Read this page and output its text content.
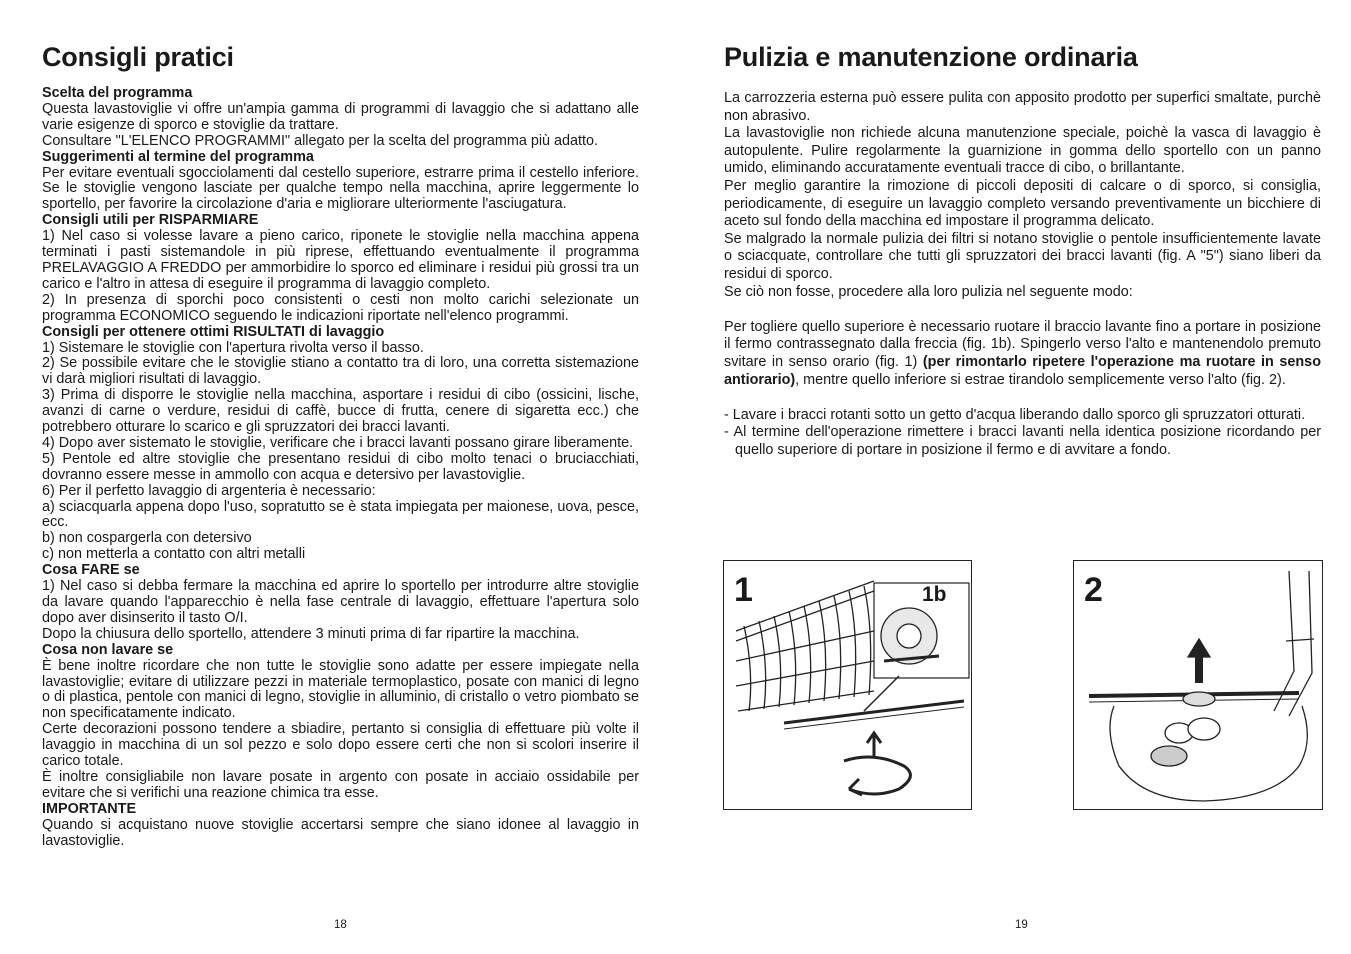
Consigli pratici
Scelta del programma

Questa lavastoviglie vi offre un'ampia gamma di programmi di lavaggio che si adattano alle varie esigenze di sporco e stoviglie da trattare.

Consultare "L'ELENCO PROGRAMMI" allegato per la scelta del programma più adatto.

Suggerimenti al termine del programma

Per evitare eventuali sgocciolamenti dal cestello superiore, estrarre prima il cestello inferiore. Se le stoviglie vengono lasciate per qualche tempo nella macchina, aprire leggermente lo sportello, per favorire la circolazione d'aria e migliorare ulteriormente l'asciugatura.

Consigli utili per RISPARMIARE

1) Nel caso si volesse lavare a pieno carico, riponete le stoviglie nella macchina appena terminati i pasti sistemandole in più riprese, effettuando eventualmente il programma PRELAVAGGIO A FREDDO per ammorbidire lo sporco ed eliminare i residui più grossi tra un carico e l'altro in attesa di eseguire il programma di lavaggio completo.

2) In presenza di sporchi poco consistenti o cesti non molto carichi selezionate un programma ECONOMICO seguendo le indicazioni riportate nell'elenco programmi.

Consigli per ottenere ottimi RISULTATI di lavaggio

1) Sistemare le stoviglie con l'apertura rivolta verso il basso.

2) Se possibile evitare che le stoviglie stiano a contatto tra di loro, una corretta sistemazione vi darà migliori risultati di lavaggio.

3) Prima di disporre le stoviglie nella macchina, asportare i residui di cibo (ossicini, lische, avanzi di carne o verdure, residui di caffè, bucce di frutta, cenere di sigaretta ecc.) che potrebbero otturare lo scarico e gli spruzzatori dei bracci lavanti.

4) Dopo aver sistemato le stoviglie, verificare che i bracci lavanti possano girare liberamente.

5) Pentole ed altre stoviglie che presentano residui di cibo molto tenaci o bruciacchiati, dovranno essere messe in ammollo con acqua e detersivo per lavastoviglie.

6) Per il perfetto lavaggio di argenteria è necessario:

a) sciacquarla appena dopo l'uso, sopratutto se è stata impiegata per maionese, uova, pesce, ecc.

b) non cospargerla con detersivo

c) non metterla a contatto con altri metalli

Cosa FARE se

1) Nel caso si debba fermare la macchina ed aprire lo sportello per introdurre altre stoviglie da lavare quando l'apparecchio è nella fase centrale di lavaggio, effettuare l'apertura solo dopo aver disinserito il tasto O/I.

Dopo la chiusura dello sportello, attendere 3 minuti prima di far ripartire la macchina.

Cosa non lavare se

È bene inoltre ricordare che non tutte le stoviglie sono adatte per essere impiegate nella lavastoviglie; evitare di utilizzare pezzi in materiale termoplastico, posate con manici di legno o di plastica, pentole con manici di legno, stoviglie in alluminio, di cristallo o vetro piombato se non specificatamente indicato.

Certe decorazioni possono tendere a sbiadire, pertanto si consiglia di effettuare più volte il lavaggio in macchina di un sol pezzo e solo dopo essere certi che non si scolori inserire il carico totale.

È inoltre consigliabile non lavare posate in argento con posate in acciaio ossidabile per evitare che si verifichi una reazione chimica tra esse.

IMPORTANTE

Quando si acquistano nuove stoviglie accertarsi sempre che siano idonee al lavaggio in lavastoviglie.

18
Pulizia e manutenzione ordinaria

La carrozzeria esterna può essere pulita con apposito prodotto per superfici smaltate, purchè non abrasivo.

La lavastoviglie non richiede alcuna manutenzione speciale, poichè la vasca di lavaggio è autopulente. Pulire regolarmente la guarnizione in gomma dello sportello con un panno umido, eliminando accuratamente eventuali tracce di cibo, o brillantante.

Per meglio garantire la rimozione di piccoli depositi di calcare o di sporco, si consiglia, periodicamente, di eseguire un lavaggio completo versando preventivamente un bicchiere di aceto sul fondo della macchina ed impostare il programma delicato.

Se malgrado la normale pulizia dei filtri si notano stoviglie o pentole insufficientemente lavate o sciacquate, controllare che tutti gli spruzzatori dei bracci lavanti (fig. A "5") siano liberi da residui di sporco.

Se ciò non fosse, procedere alla loro pulizia nel seguente modo:

Per togliere quello superiore è necessario ruotare il braccio lavante fino a portare in posizione il fermo contrassegnato dalla freccia (fig. 1b). Spingerlo verso l'alto e mantenendolo premuto svitare in senso orario (fig. 1) (per rimontarlo ripetere l'operazione ma ruotare in senso antiorario), mentre quello inferiore si estrae tirandolo semplicemente verso l'alto (fig. 2).

- Lavare i bracci rotanti sotto un getto d'acqua liberando dallo sporco gli spruzzatori otturati.

- Al termine dell'operazione rimettere i bracci lavanti nella identica posizione ricordando per quello superiore di portare in posizione il fermo e di avvitare a fondo.

19
1	1b	2
